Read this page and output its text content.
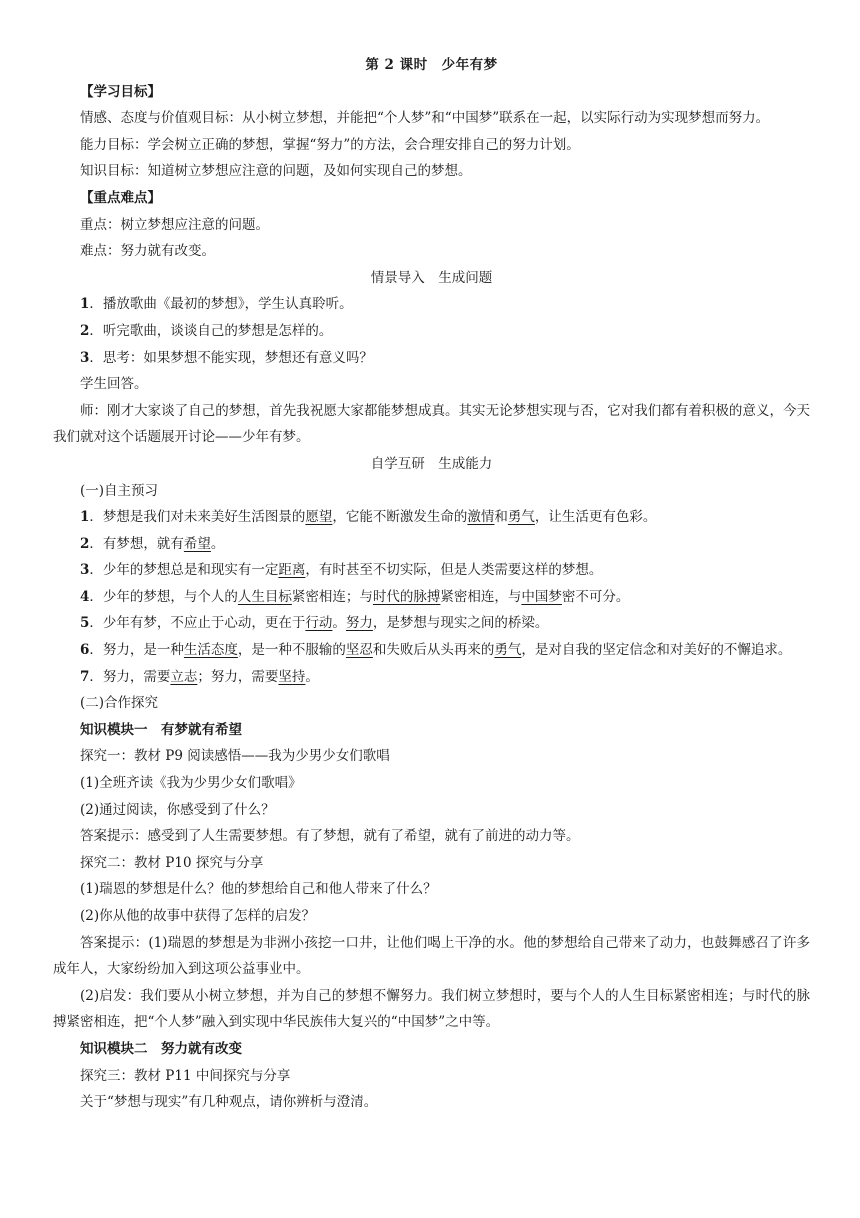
第 2 课时　少年有梦
【学习目标】
情感、态度与价值观目标：从小树立梦想，并能把“个人梦”和“中国梦”联系在一起，以实际行动为实现梦想而努力。
能力目标：学会树立正确的梦想，掌握“努力”的方法，会合理安排自己的努力计划。
知识目标：知道树立梦想应注意的问题，及如何实现自己的梦想。
【重点难点】
重点：树立梦想应注意的问题。
难点：努力就有改变。
情景导入　生成问题
1．播放歌曲《最初的梦想》，学生认真聆听。
2．听完歌曲，谈谈自己的梦想是怎样的。
3．思考：如果梦想不能实现，梦想还有意义吗？
学生回答。
师：刚才大家谈了自己的梦想，首先我祝愿大家都能梦想成真。其实无论梦想实现与否，它对我们都有着积极的意义，今天我们就对这个话题展开讨论——少年有梦。
自学互研　生成能力
(一)自主预习
1．梦想是我们对未来美好生活图景的愿望，它能不断激发生命的激情和勇气，让生活更有色彩。
2．有梦想，就有希望。
3．少年的梦想总是和现实有一定距离，有时甚至不切实际，但是人类需要这样的梦想。
4．少年的梦想，与个人的人生目标紧密相连；与时代的脉搏紧密相连，与中国梦密不可分。
5．少年有梦，不应止于心动，更在于行动。努力，是梦想与现实之间的桥梁。
6．努力，是一种生活态度，是一种不服输的坚忍和失败后从头再来的勇气，是对自我的坚定信念和对美好的不懈追求。
7．努力，需要立志；努力，需要坚持。
(二)合作探究
知识模块一　有梦就有希望
探究一：教材 P9 阅读感悟——我为少男少女们歌唱
(1)全班齐读《我为少男少女们歌唱》
(2)通过阅读，你感受到了什么？
答案提示：感受到了人生需要梦想。有了梦想，就有了希望，就有了前进的动力等。
探究二：教材 P10 探究与分享
(1)瑞恩的梦想是什么？他的梦想给自己和他人带来了什么？
(2)你从他的故事中获得了怎样的启发？
答案提示：(1)瑞恩的梦想是为非洲小孩挖一口井，让他们喝上干净的水。他的梦想给自己带来了动力，也鼓舞感召了许多成年人，大家纷纷加入到这项公益事业中。
(2)启发：我们要从小树立梦想，并为自己的梦想不懈努力。我们树立梦想时，要与个人的人生目标紧密相连；与时代的脉搏紧密相连，把“个人梦”融入到实现中华民族伟大复兴的“中国梦”之中等。
知识模块二　努力就有改变
探究三：教材 P11 中间探究与分享
关于“梦想与现实”有几种观点，请你辨析与澄清。
